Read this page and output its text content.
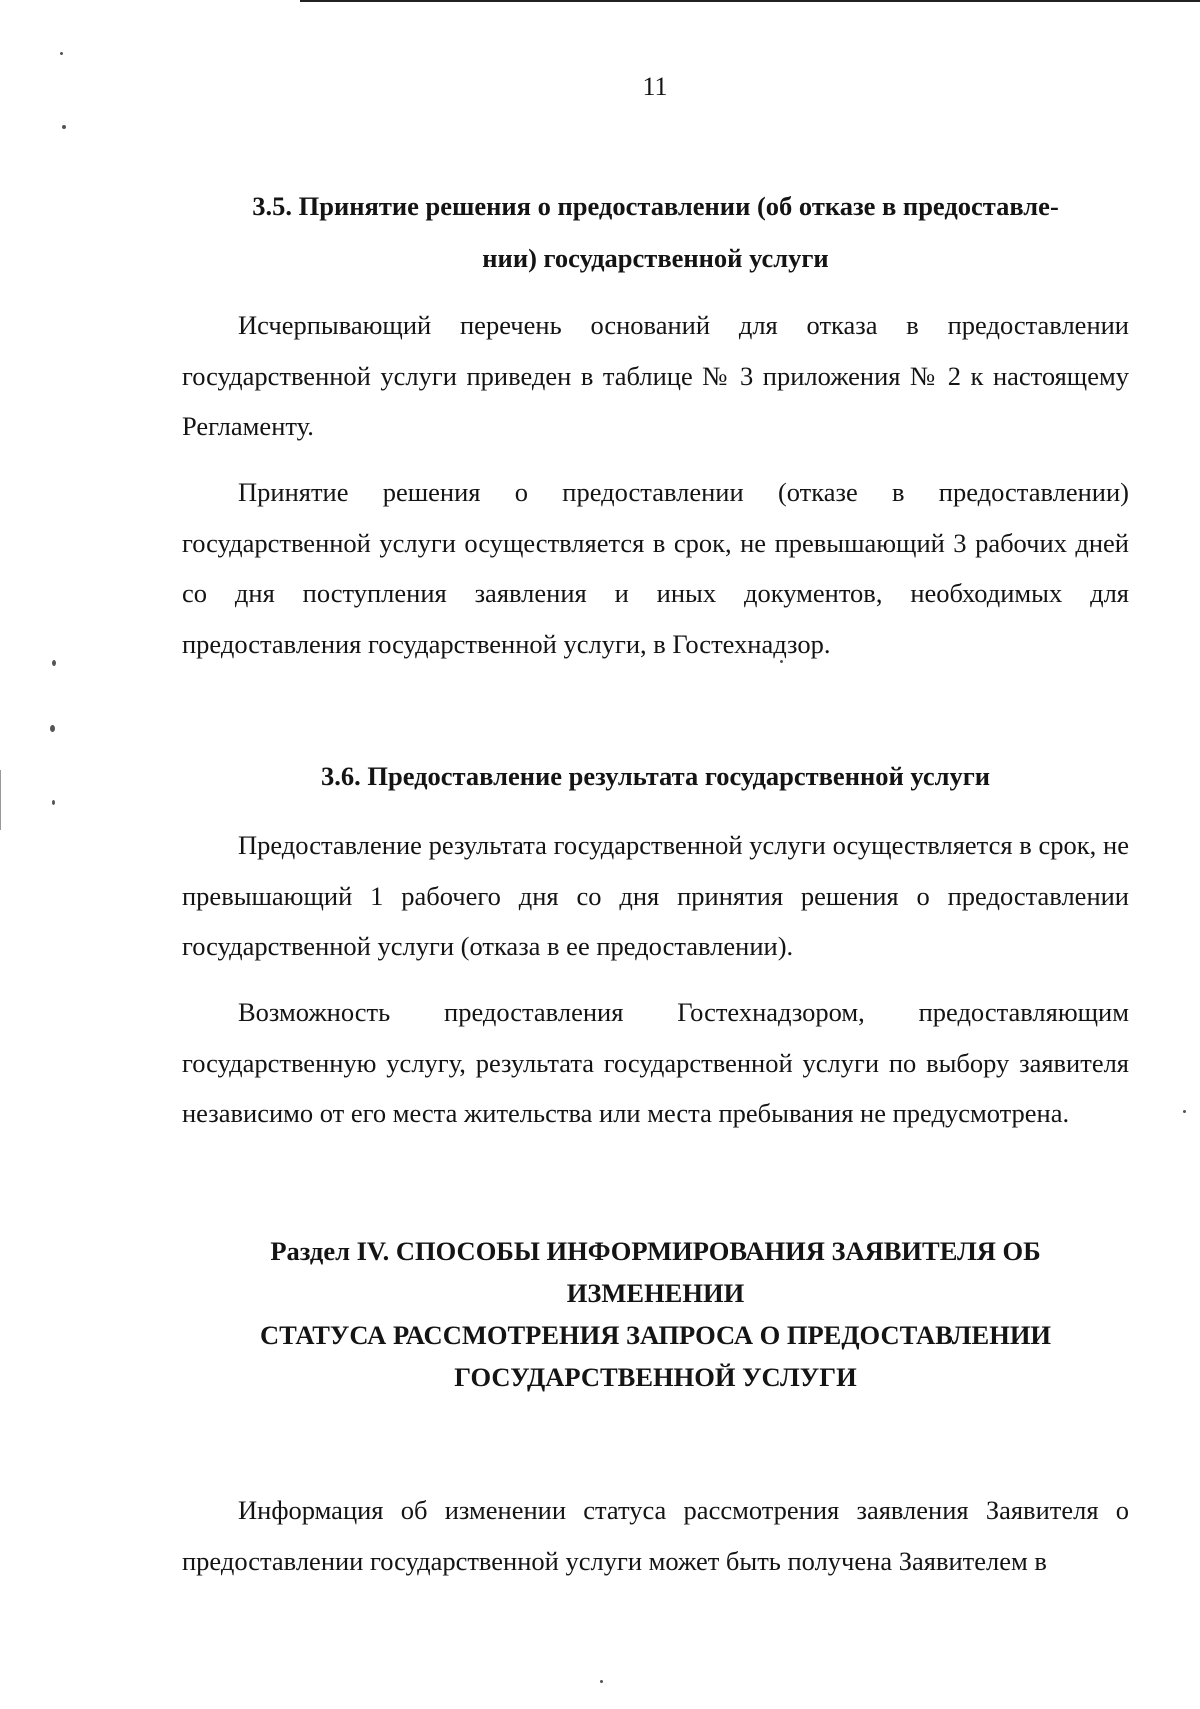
11
3.5. Принятие решения о предоставлении (об отказе в предоставле-
нии) государственной услуги

Исчерпывающий перечень оснований для отказа в предоставлении государственной услуги приведен в таблице № 3 приложения № 2 к настоящему Регламенту.

Принятие решения о предоставлении (отказе в предоставлении) государственной услуги осуществляется в срок, не превышающий 3 рабочих дней со дня поступления заявления и иных документов, необходимых для предоставления государственной услуги, в Гостехнадзор.

3.6. Предоставление результата государственной услуги

Предоставление результата государственной услуги осуществляется в срок, не превышающий 1 рабочего дня со дня принятия решения о предоставлении государственной услуги (отказа в ее предоставлении).

Возможность предоставления Гостехнадзором, предоставляющим государственную услугу, результата государственной услуги по выбору заявителя независимо от его места жительства или места пребывания не предусмотрена.

Раздел IV. СПОСОБЫ ИНФОРМИРОВАНИЯ ЗАЯВИТЕЛЯ ОБ
ИЗМЕНЕНИИ
СТАТУСА РАССМОТРЕНИЯ ЗАПРОСА О ПРЕДОСТАВЛЕНИИ
ГОСУДАРСТВЕННОЙ УСЛУГИ

Информация об изменении статуса рассмотрения заявления Заявителя о предоставлении государственной услуги может быть получена Заявителем в
